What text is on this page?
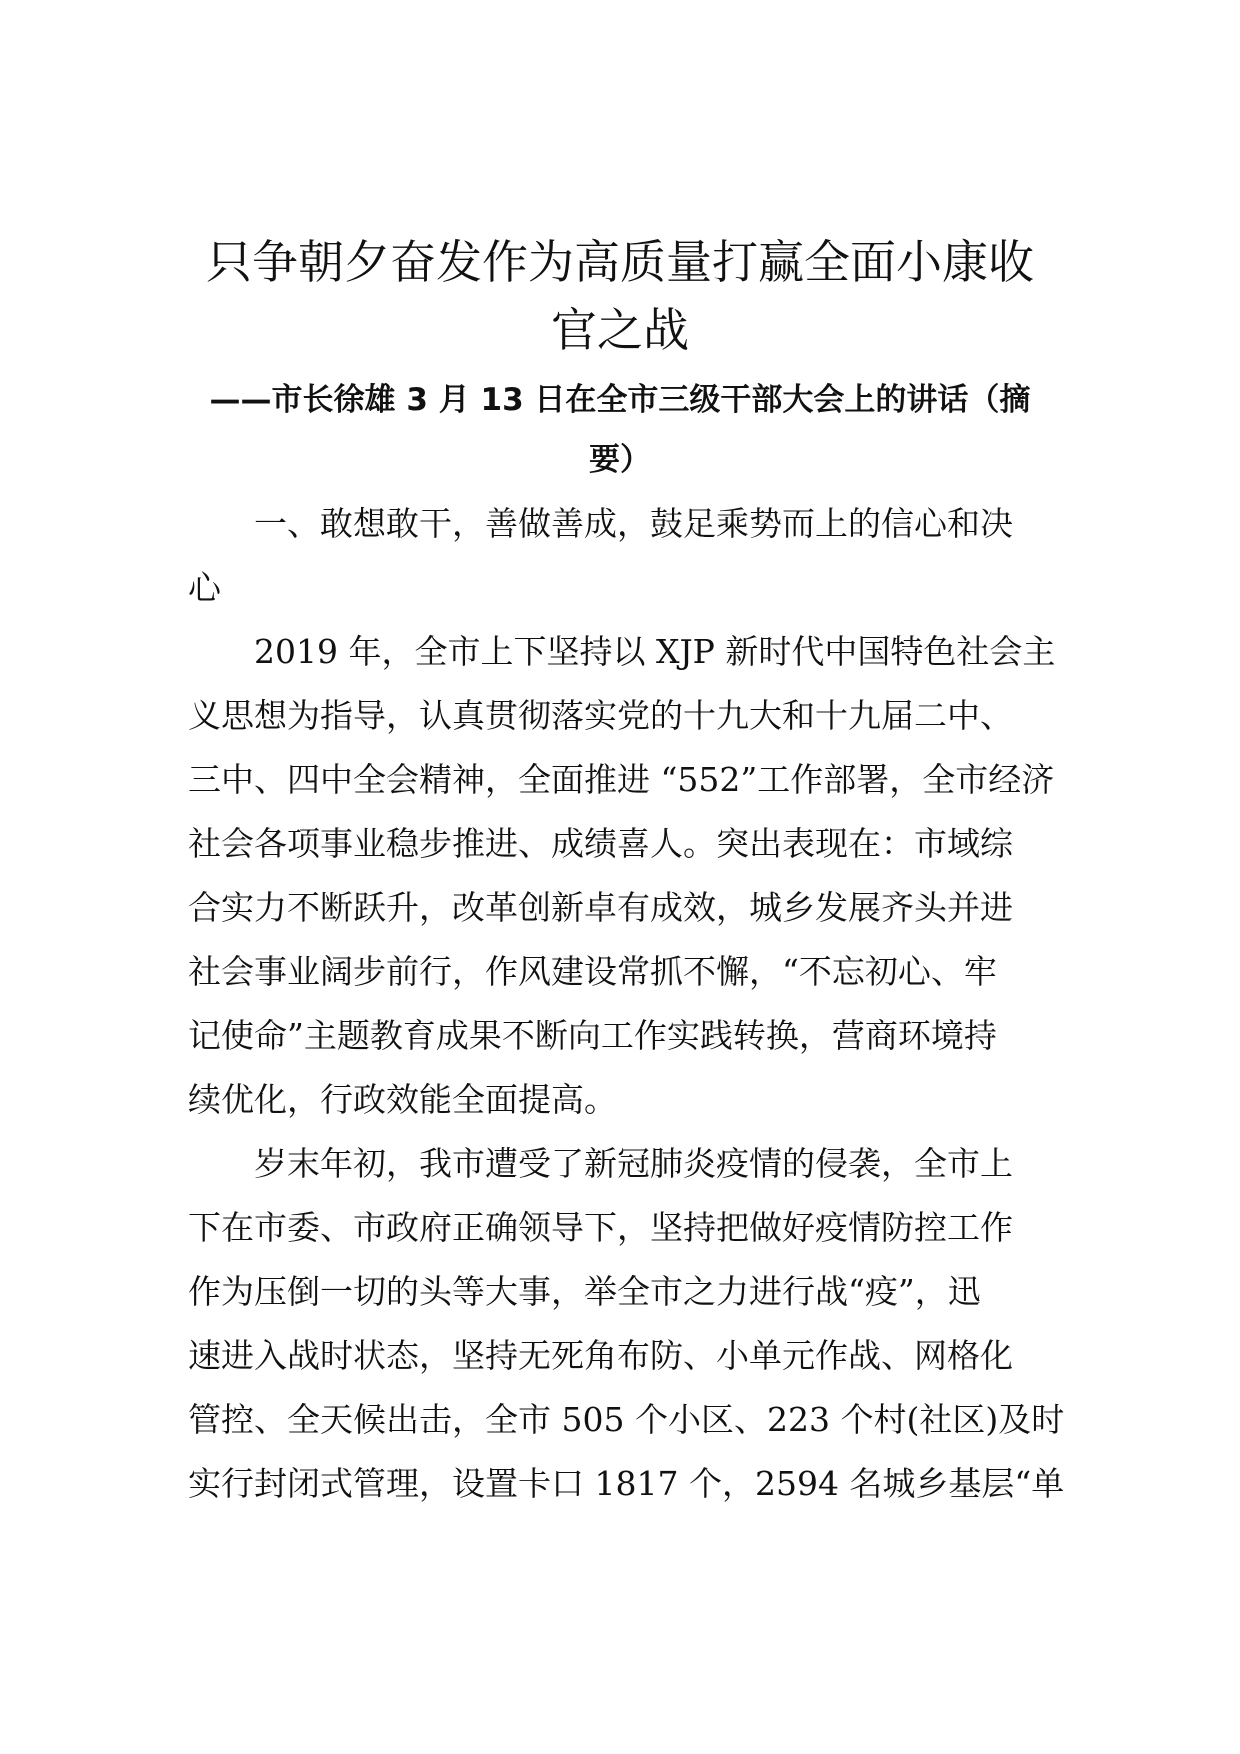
只争朝夕奋发作为高质量打赢全面小康收
官之战
——市长徐雄 3 月 13 日在全市三级干部大会上的讲话（摘
要）
一、敢想敢干，善做善成，鼓足乘势而上的信心和决
心
2019 年，全市上下坚持以 XJP 新时代中国特色社会主
义思想为指导，认真贯彻落实党的十九大和十九届二中、
三中、四中全会精神，全面推进 “552”工作部署，全市经济
社会各项事业稳步推进、成绩喜人。突出表现在：市域综
合实力不断跃升，改革创新卓有成效，城乡发展齐头并进
社会事业阔步前行，作风建设常抓不懈，“不忘初心、牢
记使命”主题教育成果不断向工作实践转换，营商环境持
续优化，行政效能全面提高。
岁末年初，我市遭受了新冠肺炎疫情的侵袭，全市上
下在市委、市政府正确领导下，坚持把做好疫情防控工作
作为压倒一切的头等大事，举全市之力进行战“疫”，迅
速进入战时状态，坚持无死角布防、小单元作战、网格化
管控、全天候出击，全市 505 个小区、223 个村(社区)及时
实行封闭式管理，设置卡口 1817 个，2594 名城乡基层“单
